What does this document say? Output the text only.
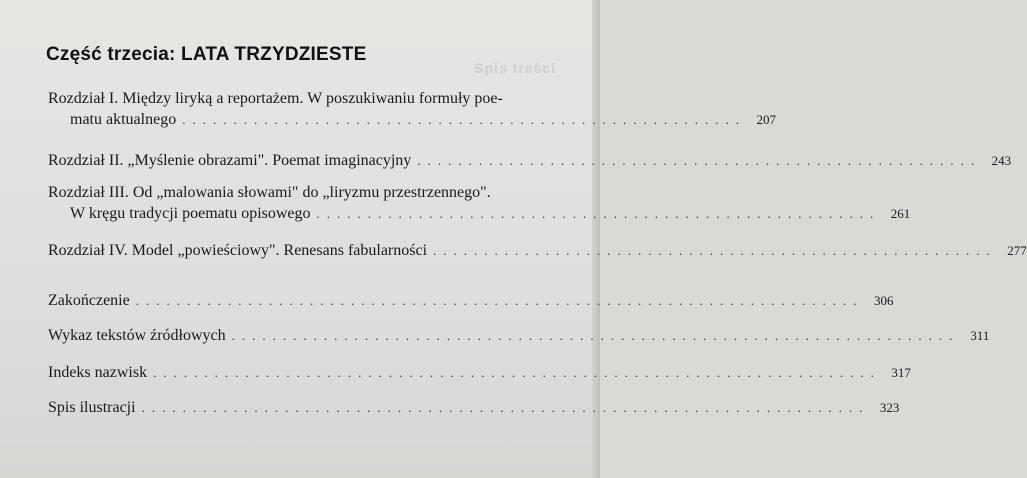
Spis treści
Część trzecia: LATA TRZYDZIESTE
Rozdział I. Między liryką a reportażem. W poszukiwaniu formuły poe-
matu aktualnego ....................................................... 207
Rozdział II. „Myślenie obrazami". Poemat imaginacyjny ....................................................... 243
Rozdział III. Od „malowania słowami" do „liryzmu przestrzennego".
W kręgu tradycji poematu opisowego ....................................................... 261
Rozdział IV. Model „powieściowy". Renesans fabularności ....................................................... 277
Zakończenie ....................................................................... 306
Wykaz tekstów źródłowych ....................................................................... 311
Indeks nazwisk ....................................................................... 317
Spis ilustracji ....................................................................... 323
